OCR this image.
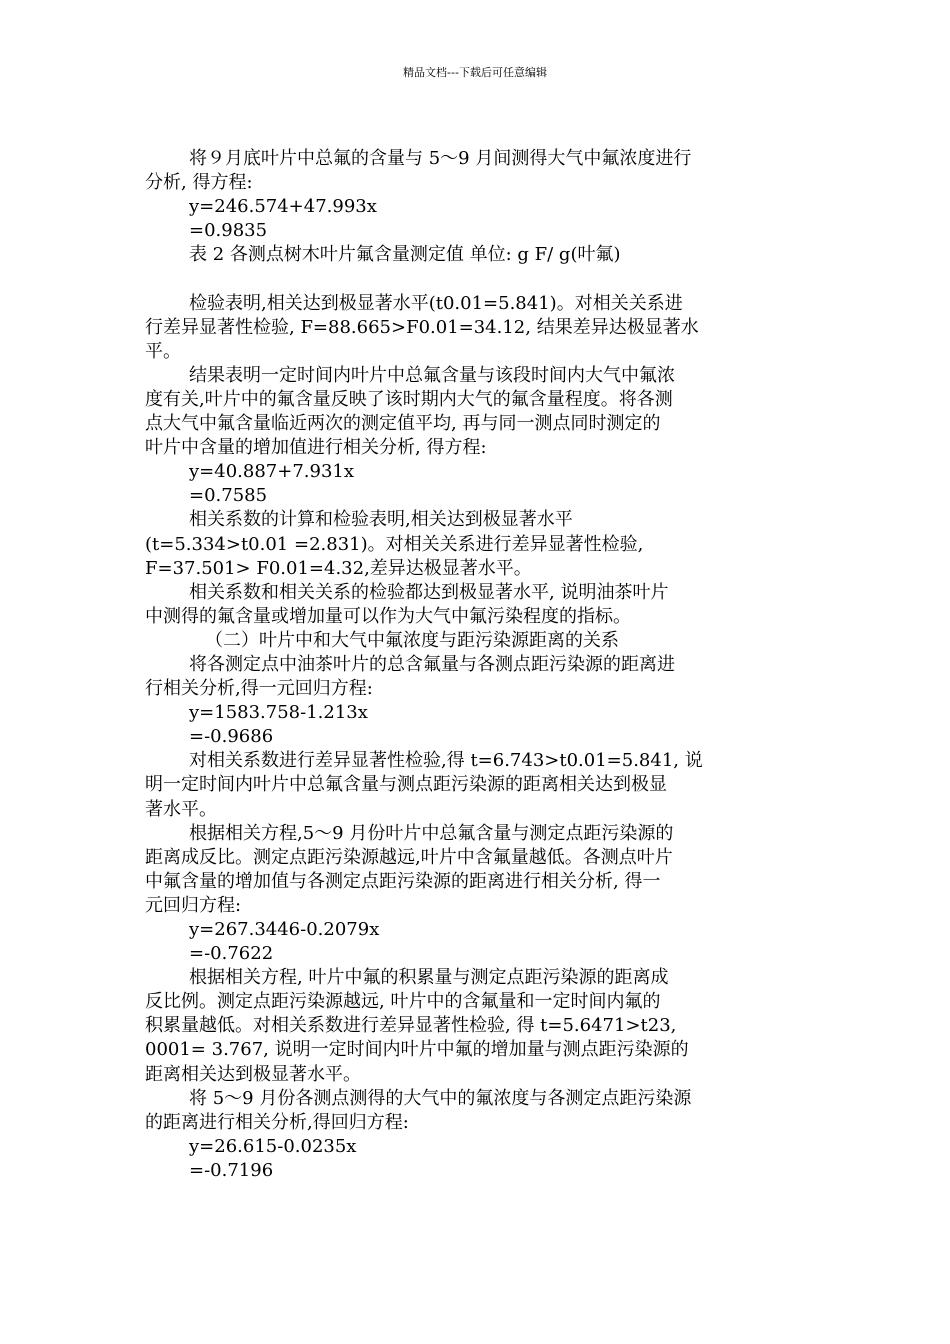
精品文档---下载后可任意编辑
将９月底叶片中总氟的含量与 5～9 月间测得大气中氟浓度进行
分析, 得方程:
y=246.574+47.993x
=0.9835
表 2 各测点树木叶片氟含量测定值 单位: g F/ g(叶氟)
检验表明,相关达到极显著水平(t0.01=5.841)。对相关关系进
行差异显著性检验, F=88.665>F0.01=34.12, 结果差异达极显著水
平。
结果表明一定时间内叶片中总氟含量与该段时间内大气中氟浓
度有关,叶片中的氟含量反映了该时期内大气的氟含量程度。将各测
点大气中氟含量临近两次的测定值平均, 再与同一测点同时测定的
叶片中含量的增加值进行相关分析, 得方程:
y=40.887+7.931x
=0.7585
相关系数的计算和检验表明,相关达到极显著水平
(t=5.334>t0.01 =2.831)。对相关关系进行差异显著性检验,
F=37.501> F0.01=4.32,差异达极显著水平。
相关系数和相关关系的检验都达到极显著水平, 说明油茶叶片
中测得的氟含量或增加量可以作为大气中氟污染程度的指标。
（二）叶片中和大气中氟浓度与距污染源距离的关系
将各测定点中油茶叶片的总含氟量与各测点距污染源的距离进
行相关分析,得一元回归方程:
y=1583.758-1.213x
=-0.9686
对相关系数进行差异显著性检验,得 t=6.743>t0.01=5.841, 说
明一定时间内叶片中总氟含量与测点距污染源的距离相关达到极显
著水平。
根据相关方程,5～9 月份叶片中总氟含量与测定点距污染源的
距离成反比。测定点距污染源越远,叶片中含氟量越低。各测点叶片
中氟含量的增加值与各测定点距污染源的距离进行相关分析, 得一
元回归方程:
y=267.3446-0.2079x
=-0.7622
根据相关方程, 叶片中氟的积累量与测定点距污染源的距离成
反比例。测定点距污染源越远, 叶片中的含氟量和一定时间内氟的
积累量越低。对相关系数进行差异显著性检验, 得 t=5.6471>t23,
0001= 3.767, 说明一定时间内叶片中氟的增加量与测点距污染源的
距离相关达到极显著水平。
将 5～9 月份各测点测得的大气中的氟浓度与各测定点距污染源
的距离进行相关分析,得回归方程:
y=26.615-0.0235x
=-0.7196
